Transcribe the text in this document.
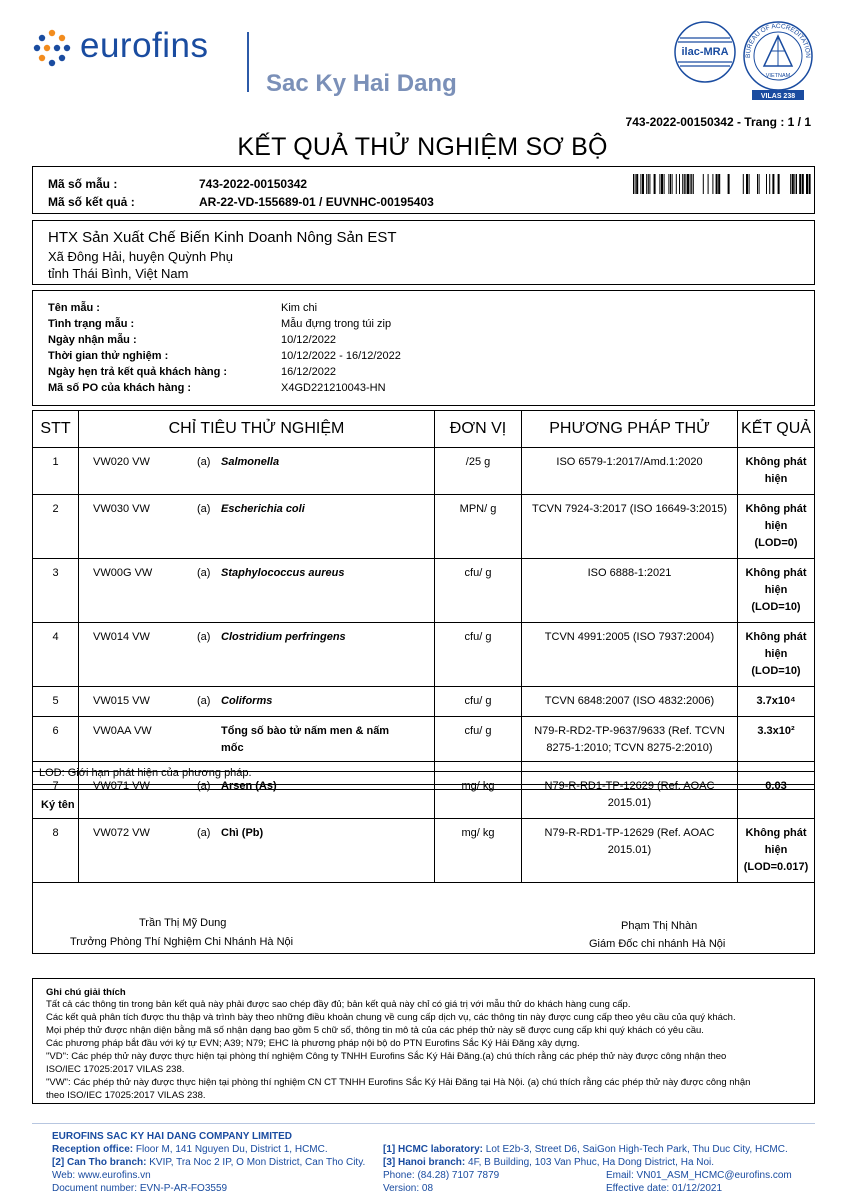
eurofins
Sac Ky Hai Dang
ilac-MRA	BUREAU OF ACCREDITATION
VIETNAM
VILAS 238
743-2022-00150342 - Trang : 1 / 1
KẾT QUẢ THỬ NGHIỆM SƠ BỘ
Mã số mẫu :	743-2022-00150342
Mã số kết quả :	AR-22-VD-155689-01 / EUVNHC-00195403
HTX Sản Xuất Chế Biến Kinh Doanh Nông Sản EST
Xã Đông Hải, huyện Quỳnh Phụ
tỉnh Thái Bình, Việt Nam
Tên mẫu :	Kim chi
Tình trạng mẫu :	Mẫu đựng trong túi zip
Ngày nhận mẫu :	10/12/2022
Thời gian thử nghiệm :	10/12/2022 - 16/12/2022
Ngày hẹn trả kết quả khách hàng :	16/12/2022
Mã số PO của khách hàng :	X4GD221210043-HN
STT	CHỈ TIÊU THỬ NGHIỆM	ĐƠN VỊ	PHƯƠNG PHÁP THỬ	KẾT QUẢ
1	VW020 VW (a) Salmonella	/25 g	ISO 6579-1:2017/Amd.1:2020	Không phát hiện
2	VW030 VW (a) Escherichia coli	MPN/ g	TCVN 7924-3:2017 (ISO 16649-3:2015)	Không phát hiện (LOD=0)
3	VW00G VW (a) Staphylococcus aureus	cfu/ g	ISO 6888-1:2021	Không phát hiện (LOD=10)
4	VW014 VW (a) Clostridium perfringens	cfu/ g	TCVN 4991:2005 (ISO 7937:2004)	Không phát hiện (LOD=10)
5	VW015 VW (a) Coliforms	cfu/ g	TCVN 6848:2007 (ISO 4832:2006)	3.7x10⁴
6	VW0AA VW Tổng số bào tử nấm men & nấm mốc	cfu/ g	N79-R-RD2-TP-9637/9633 (Ref. TCVN 8275-1:2010; TCVN 8275-2:2010)	3.3x10²
7	VW071 VW (a) Arsen (As)	mg/ kg	N79-R-RD1-TP-12629 (Ref. AOAC 2015.01)	0.03
8	VW072 VW (a) Chì (Pb)	mg/ kg	N79-R-RD1-TP-12629 (Ref. AOAC 2015.01)	Không phát hiện (LOD=0.017)
LOD: Giới hạn phát hiện của phương pháp.
Ký tên
Trần Thị Mỹ Dung
Trưởng Phòng Thí Nghiệm Chi Nhánh Hà Nội
Phạm Thị Nhàn
Giám Đốc chi nhánh Hà Nội
Ghi chú giải thích
Tất cả các thông tin trong bản kết quả này phải được sao chép đầy đủ; bản kết quả này chỉ có giá trị với mẫu thử do khách hàng cung cấp.
Các kết quả phân tích được thu thập và trình bày theo những điều khoản chung về cung cấp dịch vụ, các thông tin này được cung cấp theo yêu cầu của quý khách.
Mọi phép thử được nhận diện bằng mã số nhận dạng bao gồm 5 chữ số, thông tin mô tả của các phép thử này sẽ được cung cấp khi quý khách có yêu cầu.
Các phương pháp bắt đầu với ký tự EVN; A39; N79; EHC là phương pháp nội bộ do PTN Eurofins Sắc Ký Hải Đăng xây dựng.
"VD": Các phép thử này được thực hiện tại phòng thí nghiệm Công ty TNHH Eurofins Sắc Ký Hải Đăng.(a) chú thích rằng các phép thử này được công nhận theo
ISO/IEC 17025:2017 VILAS 238.
"VW": Các phép thử này được thực hiện tại phòng thí nghiệm CN CT TNHH Eurofins Sắc Ký Hải Đăng tại Hà Nội. (a) chú thích rằng các phép thử này được công nhận
theo ISO/IEC 17025:2017 VILAS 238.
EUROFINS SAC KY HAI DANG COMPANY LIMITED
Reception office: Floor M, 141 Nguyen Du, District 1, HCMC.
[2] Can Tho branch: KVIP, Tra Noc 2 IP, O Mon District, Can Tho City.
Web: www.eurofins.vn
Document number: EVN-P-AR-FO3559
[1] HCMC laboratory: Lot E2b-3, Street D6, SaiGon High-Tech Park, Thu Duc City, HCMC.
[3] Hanoi branch: 4F, B Building, 103 Van Phuc, Ha Dong District, Ha Noi.
Phone: (84.28) 7107 7879
Version: 08
Email: VN01_ASM_HCMC@eurofins.com
Effective date: 01/12/2021
